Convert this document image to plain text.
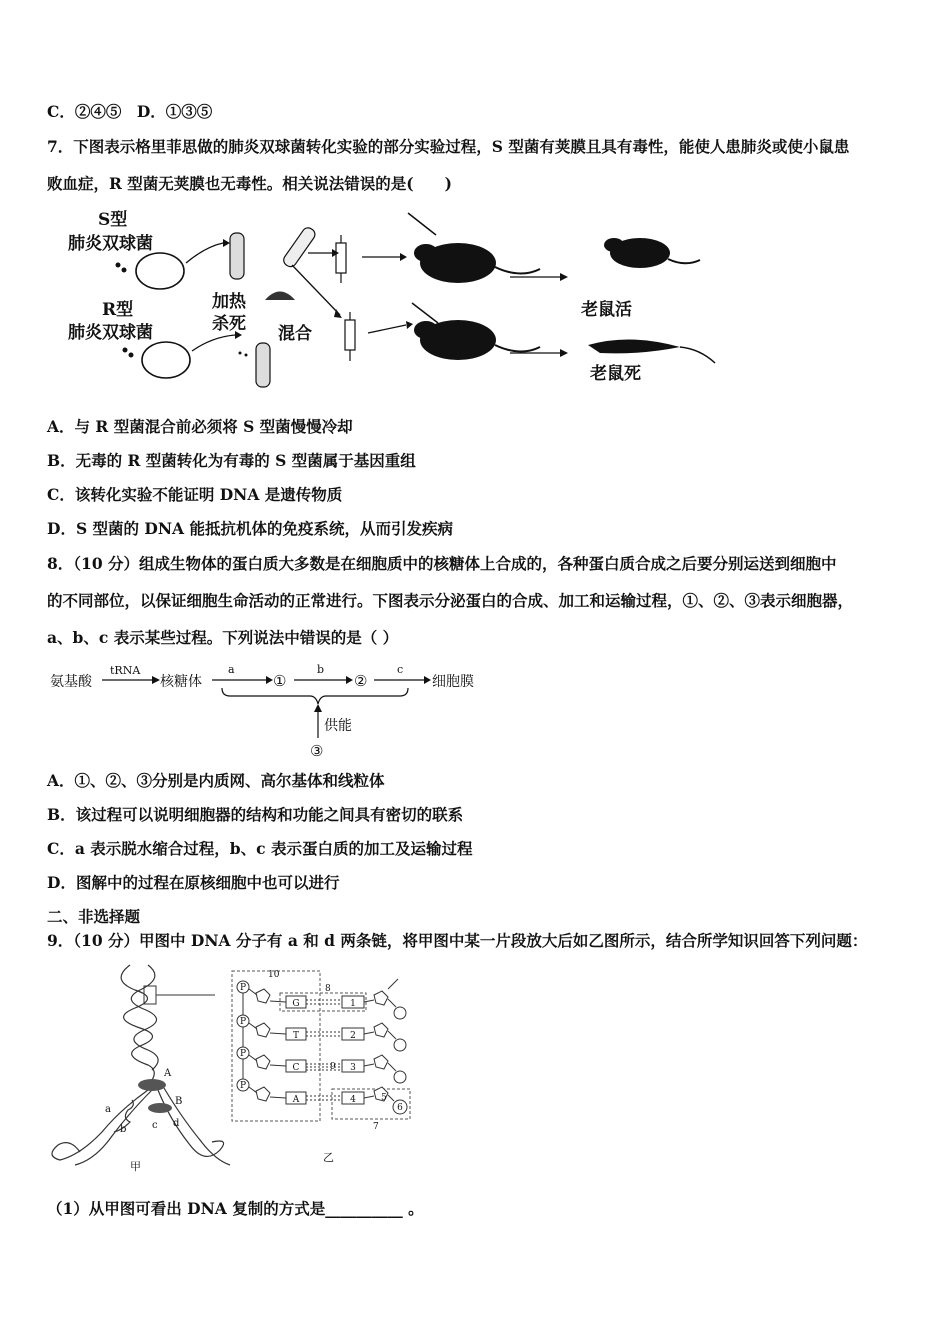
C．②④⑤　D．①③⑤
7．下图表示格里菲思做的肺炎双球菌转化实验的部分实验过程，S 型菌有荚膜且具有毒性，能使人患肺炎或使小鼠患
败血症，R 型菌无荚膜也无毒性。相关说法错误的是(　　)
S型
肺炎双球菌
R型
肺炎双球菌
加热
杀死 混合
老鼠活
老鼠死
A．与 R 型菌混合前必须将 S 型菌慢慢冷却
B．无毒的 R 型菌转化为有毒的 S 型菌属于基因重组
C．该转化实验不能证明 DNA 是遗传物质
D．S 型菌的 DNA 能抵抗机体的免疫系统，从而引发疾病
8．（10 分）组成生物体的蛋白质大多数是在细胞质中的核糖体上合成的，各种蛋白质合成之后要分别运送到细胞中
的不同部位，以保证细胞生命活动的正常进行。下图表示分泌蛋白的合成、加工和运输过程，①、②、③表示细胞器，
a、b、c 表示某些过程。下列说法中错误的是（ ）
氨基酸
tRNA
核糖体
a
①
b
②
c
细胞膜
供能
③
A．①、②、③分别是内质网、高尔基体和线粒体
B．该过程可以说明细胞器的结构和功能之间具有密切的联系
C．a 表示脱水缩合过程，b、c 表示蛋白质的加工及运输过程
D．图解中的过程在原核细胞中也可以进行
二、非选择题
9．（10 分）甲图中 DNA 分子有 a 和 d 两条链，将甲图中某一片段放大后如乙图所示，结合所学知识回答下列问题：
A
B
a
b	c d
甲
10
8
9
7
乙
P
P
P
P
G
T
C
A
1
2
3
4	5
6
（1）从甲图可看出 DNA 复制的方式是__________ 。
